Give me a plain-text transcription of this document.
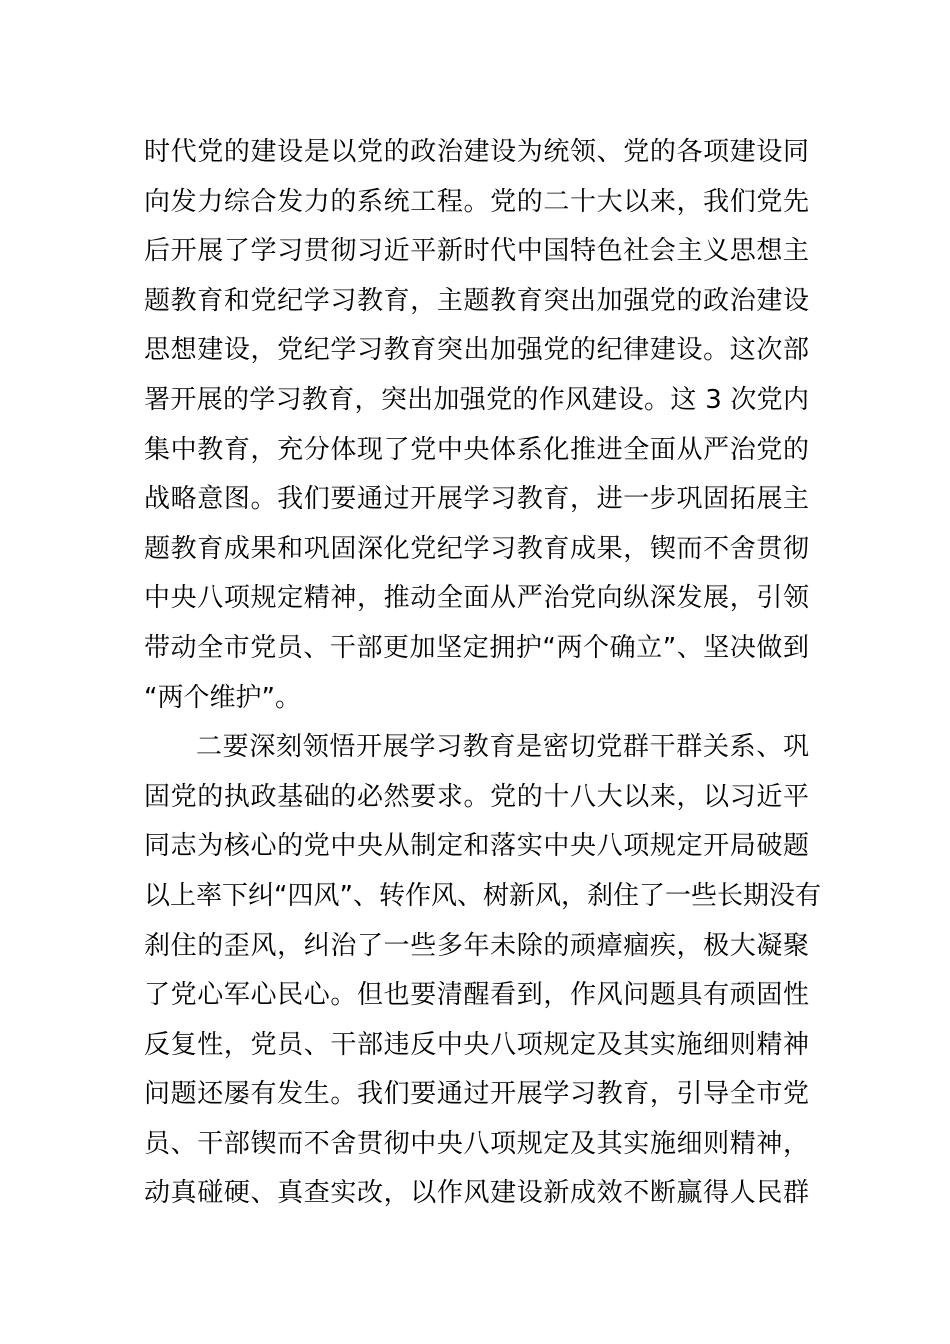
时代党的建设是以党的政治建设为统领、党的各项建设同
向发力综合发力的系统工程。党的二十大以来，我们党先
后开展了学习贯彻习近平新时代中国特色社会主义思想主
题教育和党纪学习教育，主题教育突出加强党的政治建设
思想建设，党纪学习教育突出加强党的纪律建设。这次部
署开展的学习教育，突出加强党的作风建设。这 3 次党内
集中教育，充分体现了党中央体系化推进全面从严治党的
战略意图。我们要通过开展学习教育，进一步巩固拓展主
题教育成果和巩固深化党纪学习教育成果，锲而不舍贯彻
中央八项规定精神，推动全面从严治党向纵深发展，引领
带动全市党员、干部更加坚定拥护“两个确立”、坚决做到
“两个维护”。
二要深刻领悟开展学习教育是密切党群干群关系、巩
固党的执政基础的必然要求。党的十八大以来，以习近平
同志为核心的党中央从制定和落实中央八项规定开局破题
以上率下纠“四风”、转作风、树新风，刹住了一些长期没有
刹住的歪风，纠治了一些多年未除的顽瘴痼疾，极大凝聚
了党心军心民心。但也要清醒看到，作风问题具有顽固性
反复性，党员、干部违反中央八项规定及其实施细则精神
问题还屡有发生。我们要通过开展学习教育，引导全市党
员、干部锲而不舍贯彻中央八项规定及其实施细则精神，
动真碰硬、真查实改，以作风建设新成效不断赢得人民群
